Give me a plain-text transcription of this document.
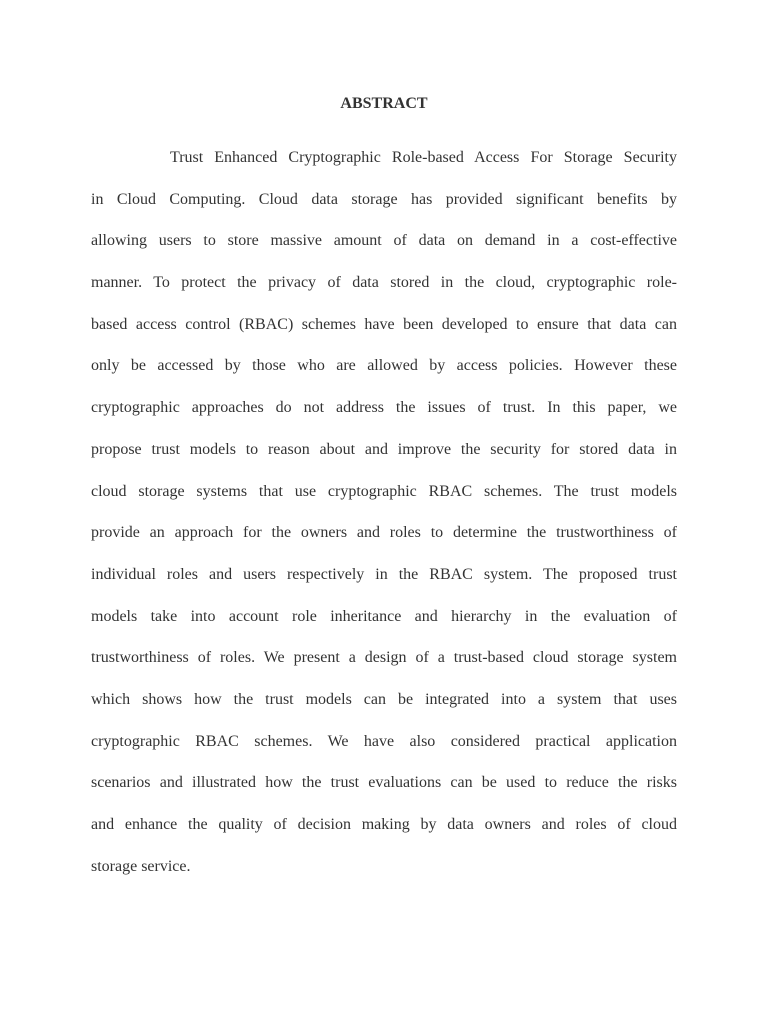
ABSTRACT
Trust Enhanced Cryptographic Role-based Access For Storage Security
in Cloud Computing. Cloud data storage has provided significant benefits by
allowing users to store massive amount of data on demand in a cost-effective
manner. To protect the privacy of data stored in the cloud, cryptographic role-
based access control (RBAC) schemes have been developed to ensure that data can
only be accessed by those who are allowed by access policies. However these
cryptographic approaches do not address the issues of trust. In this paper, we
propose trust models to reason about and improve the security for stored data in
cloud storage systems that use cryptographic RBAC schemes. The trust models
provide an approach for the owners and roles to determine the trustworthiness of
individual roles and users respectively in the RBAC system. The proposed trust
models take into account role inheritance and hierarchy in the evaluation of
trustworthiness of roles. We present a design of a trust-based cloud storage system
which shows how the trust models can be integrated into a system that uses
cryptographic RBAC schemes. We have also considered practical application
scenarios and illustrated how the trust evaluations can be used to reduce the risks
and enhance the quality of decision making by data owners and roles of cloud
storage service.
